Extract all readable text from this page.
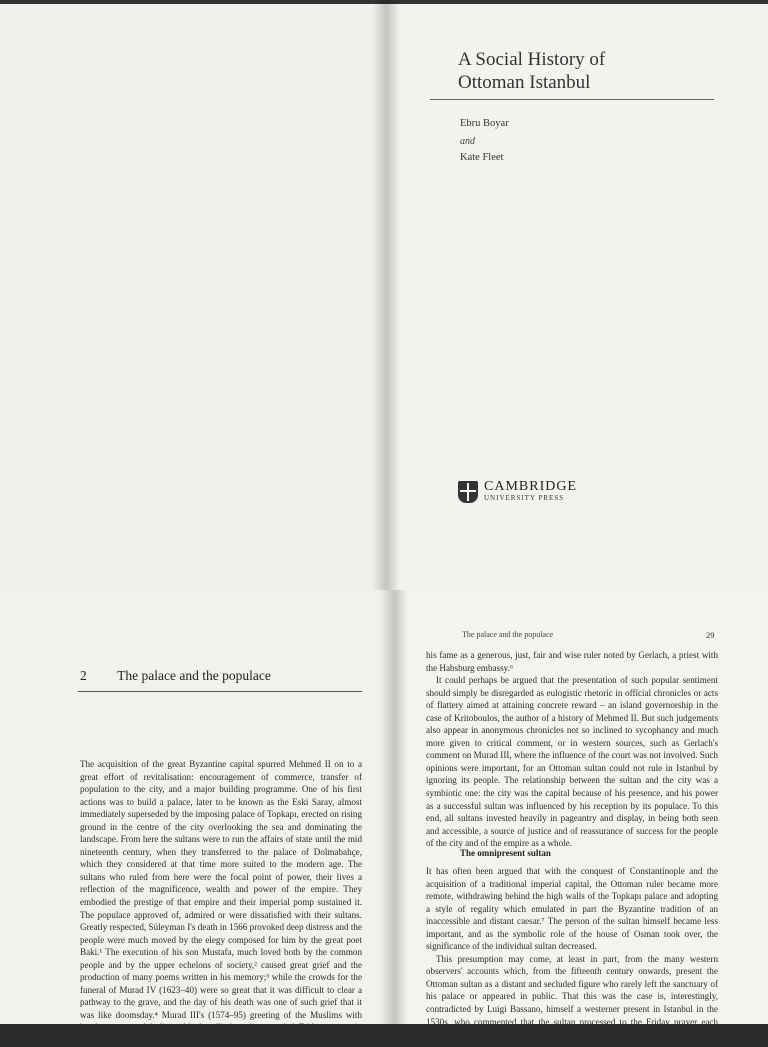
A Social History of
Ottoman Istanbul
Ebru Boyar
and
Kate Fleet
CAMBRIDGE
UNIVERSITY PRESS
2 The palace and the populace

The acquisition of the great Byzantine capital spurred Mehmed II on to a great effort of revitalisation: encouragement of commerce, transfer of population to the city, and a major building programme. One of his first actions was to build a palace, later to be known as the Eski Saray, almost immediately superseded by the imposing palace of Topkapı, erected on rising ground in the centre of the city overlooking the sea and dominating the landscape. From here the sultans were to run the affairs of state until the mid nineteenth century, when they transferred to the palace of Dolmabahçe, which they considered at that time more suited to the modern age. The sultans who ruled from here were the focal point of power, their lives a reflection of the magnificence, wealth and power of the empire. They embodied the prestige of that empire and their imperial pomp sustained it. The populace approved of, admired or were dissatisfied with their sultans. Greatly respected, Süleyman I's death in 1566 provoked deep distress and the people were much moved by the elegy composed for him by the great poet Baki.¹ The execution of his son Mustafa, much loved both by the common people and by the upper echelons of society,² caused great grief and the production of many poems written in his memory;³ while the crowds for the funeral of Murad IV (1623–40) were so great that it was difficult to clear a pathway to the grave, and the day of his death was one of such grief that it was like doomsday.⁴ Murad III's (1574–95) greeting of the Muslims with 'total respect and indisputable humility' at the crowded Friday prayer in Ayasofya in December 1574 was greeted with a great roar of approval,⁵

The palace and the populace	29

his fame as a generous, just, fair and wise ruler noted by Gerlach, a priest with the Habsburg embassy.⁶

It could perhaps be argued that the presentation of such popular sentiment should simply be disregarded as eulogistic rhetoric in official chronicles or acts of flattery aimed at attaining concrete reward – an island governorship in the case of Kritoboulos, the author of a history of Mehmed II. But such judgements also appear in anonymous chronicles not so inclined to sycophancy and much more given to critical comment, or in western sources, such as Gerlach's comment on Murad III, where the influence of the court was not involved. Such opinions were important, for an Ottoman sultan could not rule in Istanbul by ignoring its people. The relationship between the sultan and the city was a symbiotic one: the city was the capital because of his presence, and his power as a successful sultan was influenced by his reception by its populace. To this end, all sultans invested heavily in pageantry and display, in being both seen and accessible, a source of justice and of reassurance of success for the people of the city and of the empire as a whole.

The omnipresent sultan

It has often been argued that with the conquest of Constantinople and the acquisition of a traditional imperial capital, the Ottoman ruler became more remote, withdrawing behind the high walls of the Topkapı palace and adopting a style of regality which emulated in part the Byzantine tradition of an inaccessible and distant caesar.⁷ The person of the sultan himself became less important, and as the symbolic role of the house of Osman took over, the significance of the individual sultan decreased.

This presumption may come, at least in part, from the many western observers' accounts which, from the fifteenth century onwards, present the Ottoman sultan as a distant and secluded figure who rarely left the sanctuary of his palace or appeared in public. That this was the case is, interestingly, contradicted by Luigi Bassano, himself a westerner present in Istanbul in the 1530s, who commented that the sultan processed to the Friday prayer each week, appearing before the people and greeting
